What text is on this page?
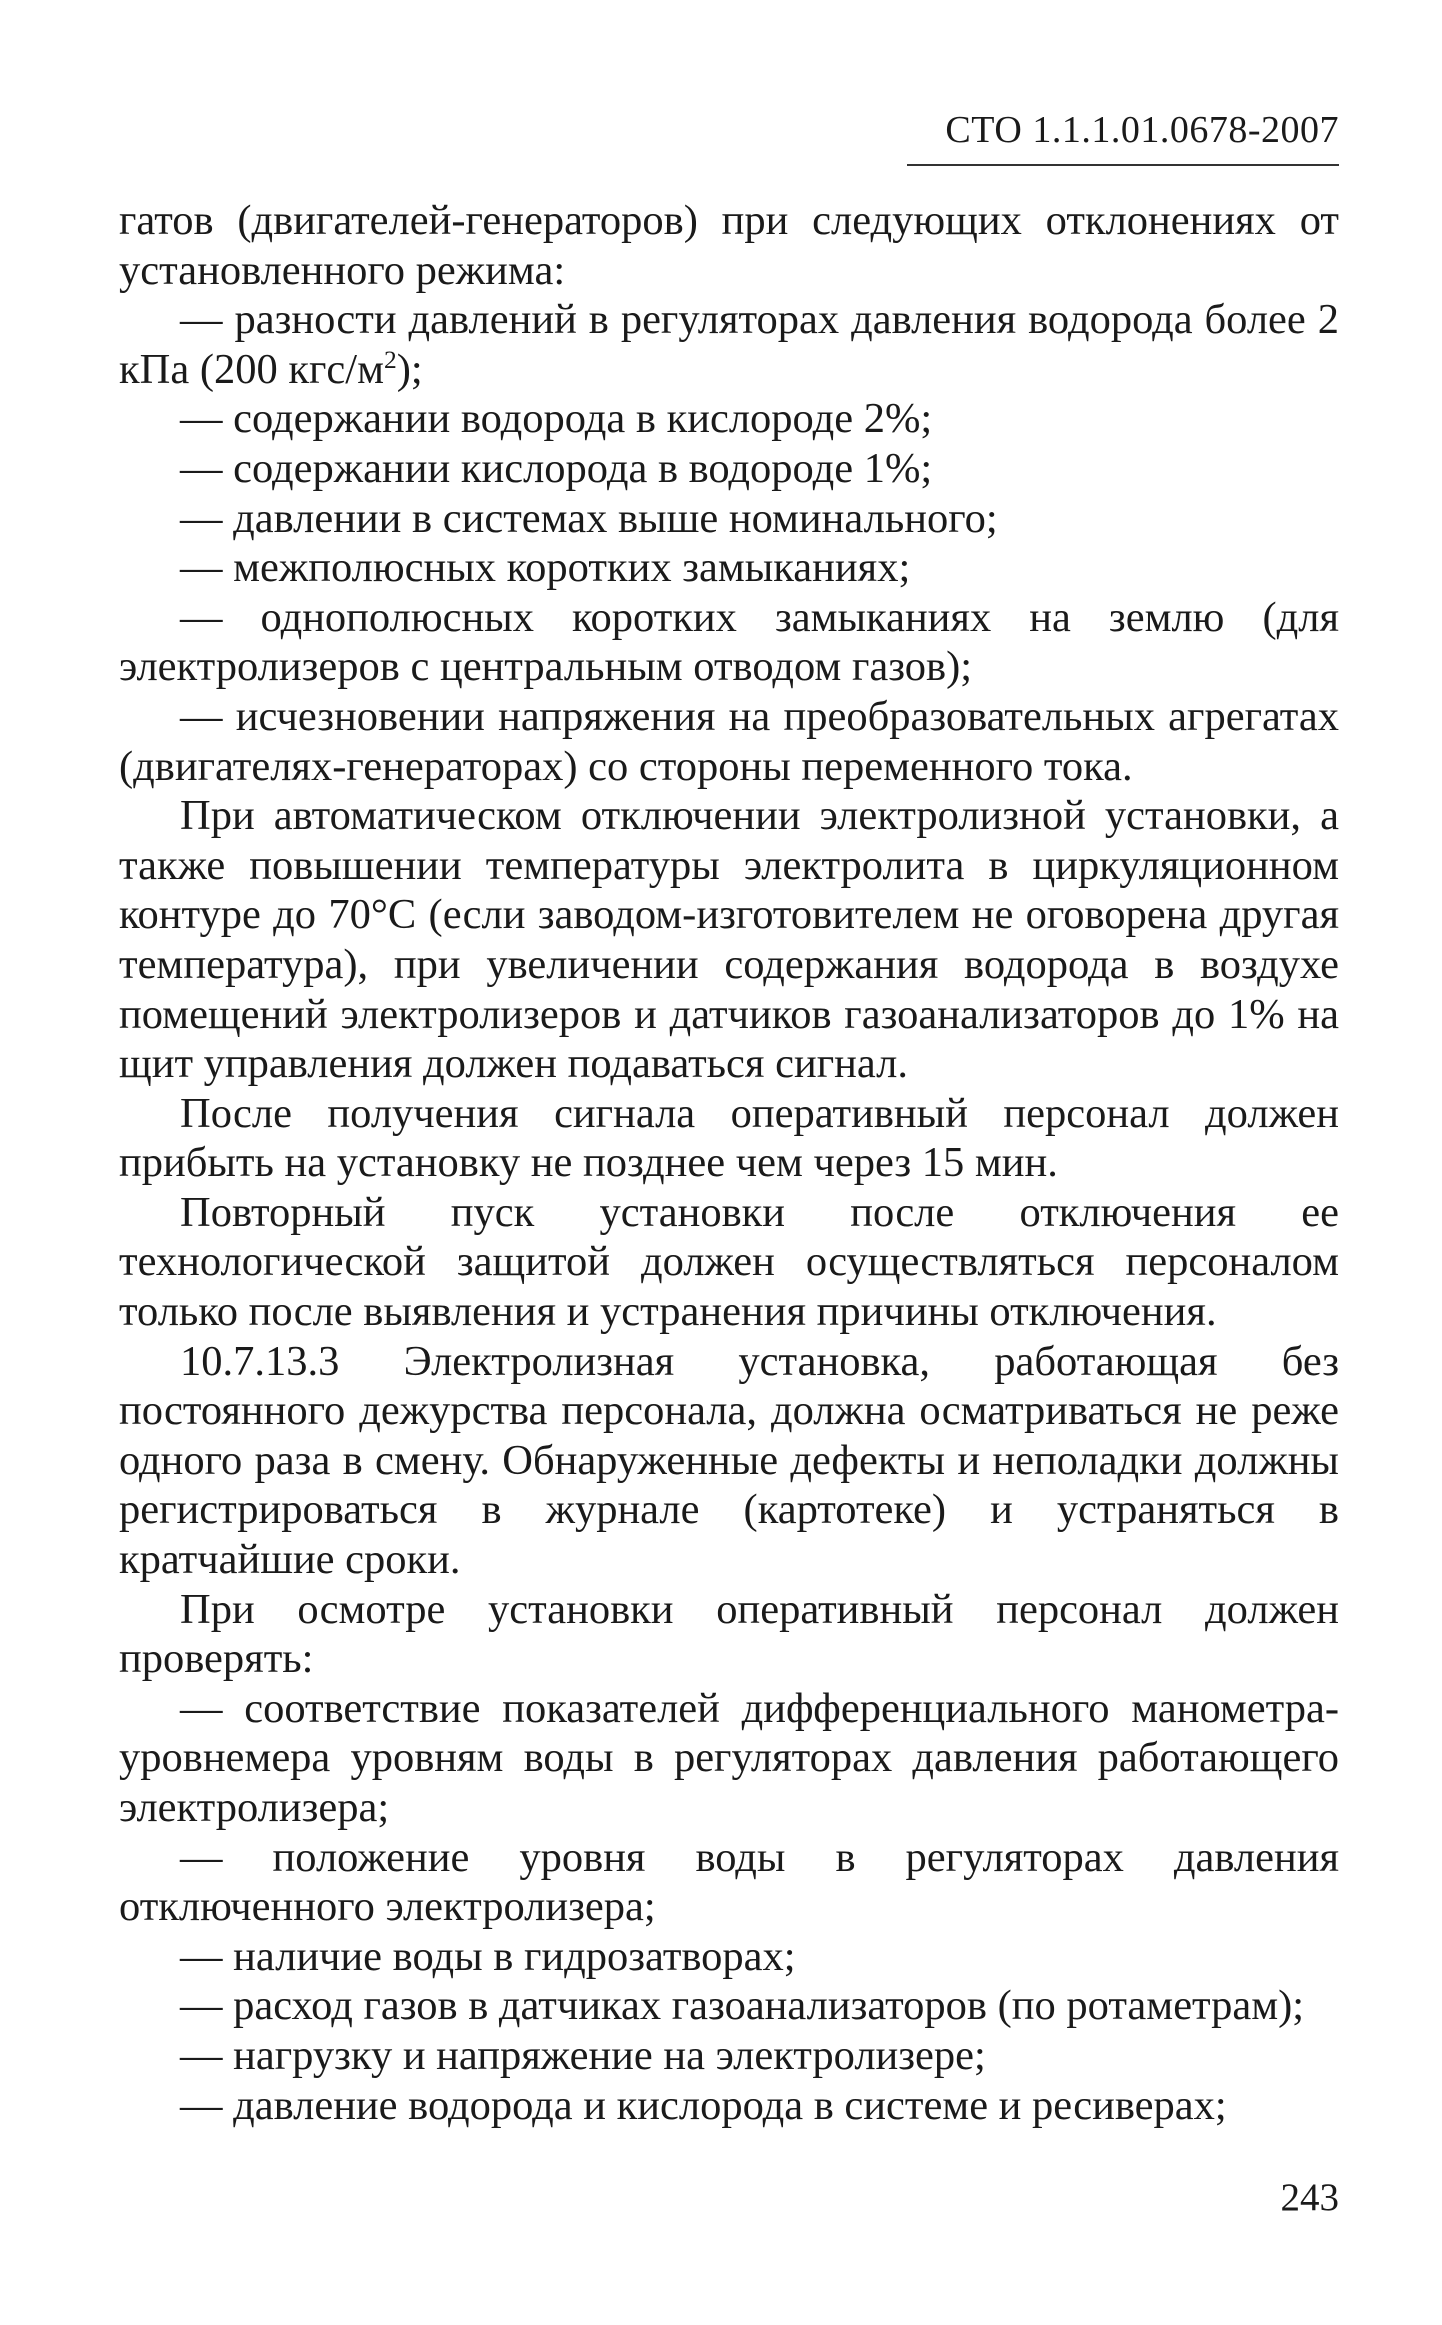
СТО 1.1.1.01.0678-2007

гатов (двигателей-генераторов) при следующих отклонениях от установленного режима:

— разности давлений в регуляторах давления водорода более 2 кПа (200 кгс/$м^2$);

— содержании водорода в кислороде 2%;

— содержании кислорода в водороде 1%;

— давлении в системах выше номинального;

— межполюсных коротких замыканиях;

— однополюсных коротких замыканиях на землю (для электролизеров с центральным отводом газов);

— исчезновении напряжения на преобразовательных агрегатах (двигателях-генераторах) со стороны переменного тока.

При автоматическом отключении электролизной установки, а также повышении температуры электролита в циркуляционном контуре до 70°С (если заводом-изготовителем не оговорена другая температура), при увеличении содержания водорода в воздухе помещений электролизеров и датчиков газоанализаторов до 1% на щит управления должен подаваться сигнал.

После получения сигнала оперативный персонал должен прибыть на установку не позднее чем через 15 мин.

Повторный пуск установки после отключения ее технологической защитой должен осуществляться персоналом только после выявления и устранения причины отключения.

10.7.13.3 Электролизная установка, работающая без постоянного дежурства персонала, должна осматриваться не реже одного раза в смену. Обнаруженные дефекты и неполадки должны регистрироваться в журнале (картотеке) и устраняться в кратчайшие сроки.

При осмотре установки оперативный персонал должен проверять:

— соответствие показателей дифференциального манометра-уровнемера уровням воды в регуляторах давления работающего электролизера;

— положение уровня воды в регуляторах давления отключенного электролизера;

— наличие воды в гидрозатворах;

— расход газов в датчиках газоанализаторов (по ротаметрам);

— нагрузку и напряжение на электролизере;

— давление водорода и кислорода в системе и ресиверах;

243
